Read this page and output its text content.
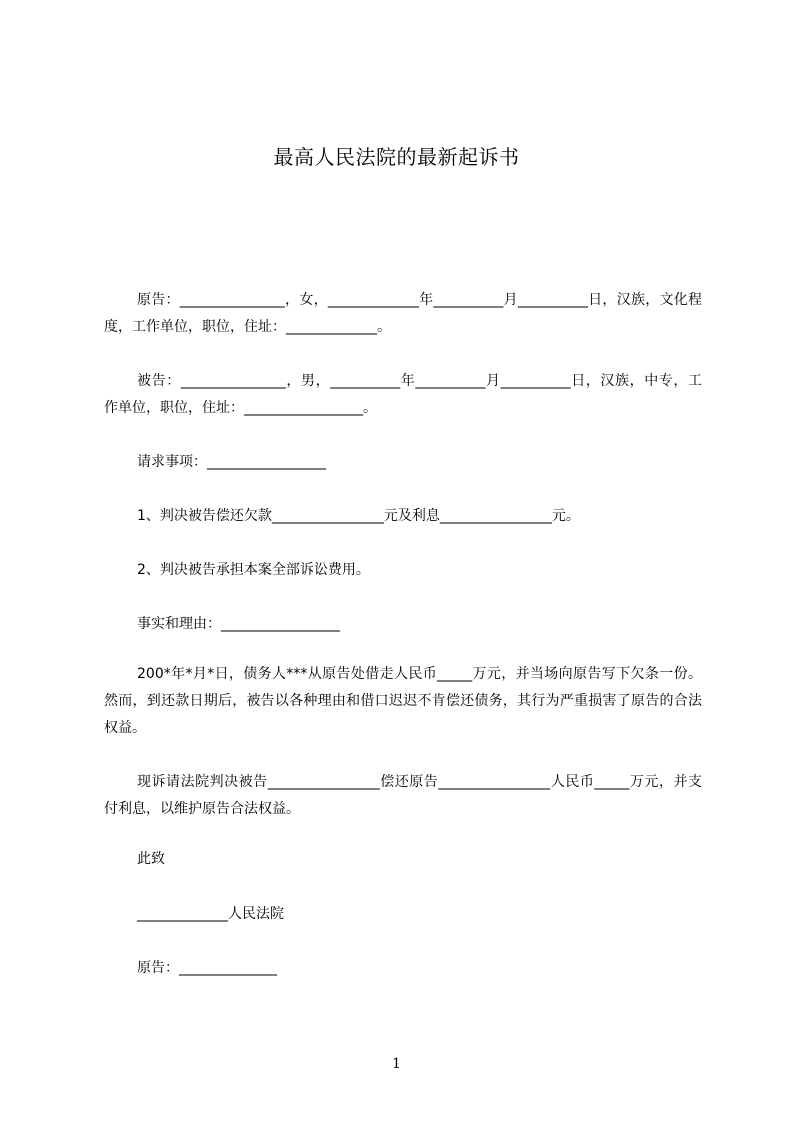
最高人民法院的最新起诉书
原告：_______________，女，_____________年__________月__________日，汉族，文化程度，工作单位，职位，住址：_____________。
被告：_______________，男，__________年__________月__________日，汉族，中专，工作单位，职位，住址：_________________。
请求事项：_________________
1、判决被告偿还欠款________________元及利息________________元。
2、判决被告承担本案全部诉讼费用。
事实和理由：_________________
200*年*月*日，债务人***从原告处借走人民币_____万元，并当场向原告写下欠条一份。然而，到还款日期后，被告以各种理由和借口迟迟不肯偿还债务，其行为严重损害了原告的合法权益。
现诉请法院判决被告________________偿还原告________________人民币_____万元，并支付利息，以维护原告合法权益。
此致
_____________人民法院
原告：______________
1
